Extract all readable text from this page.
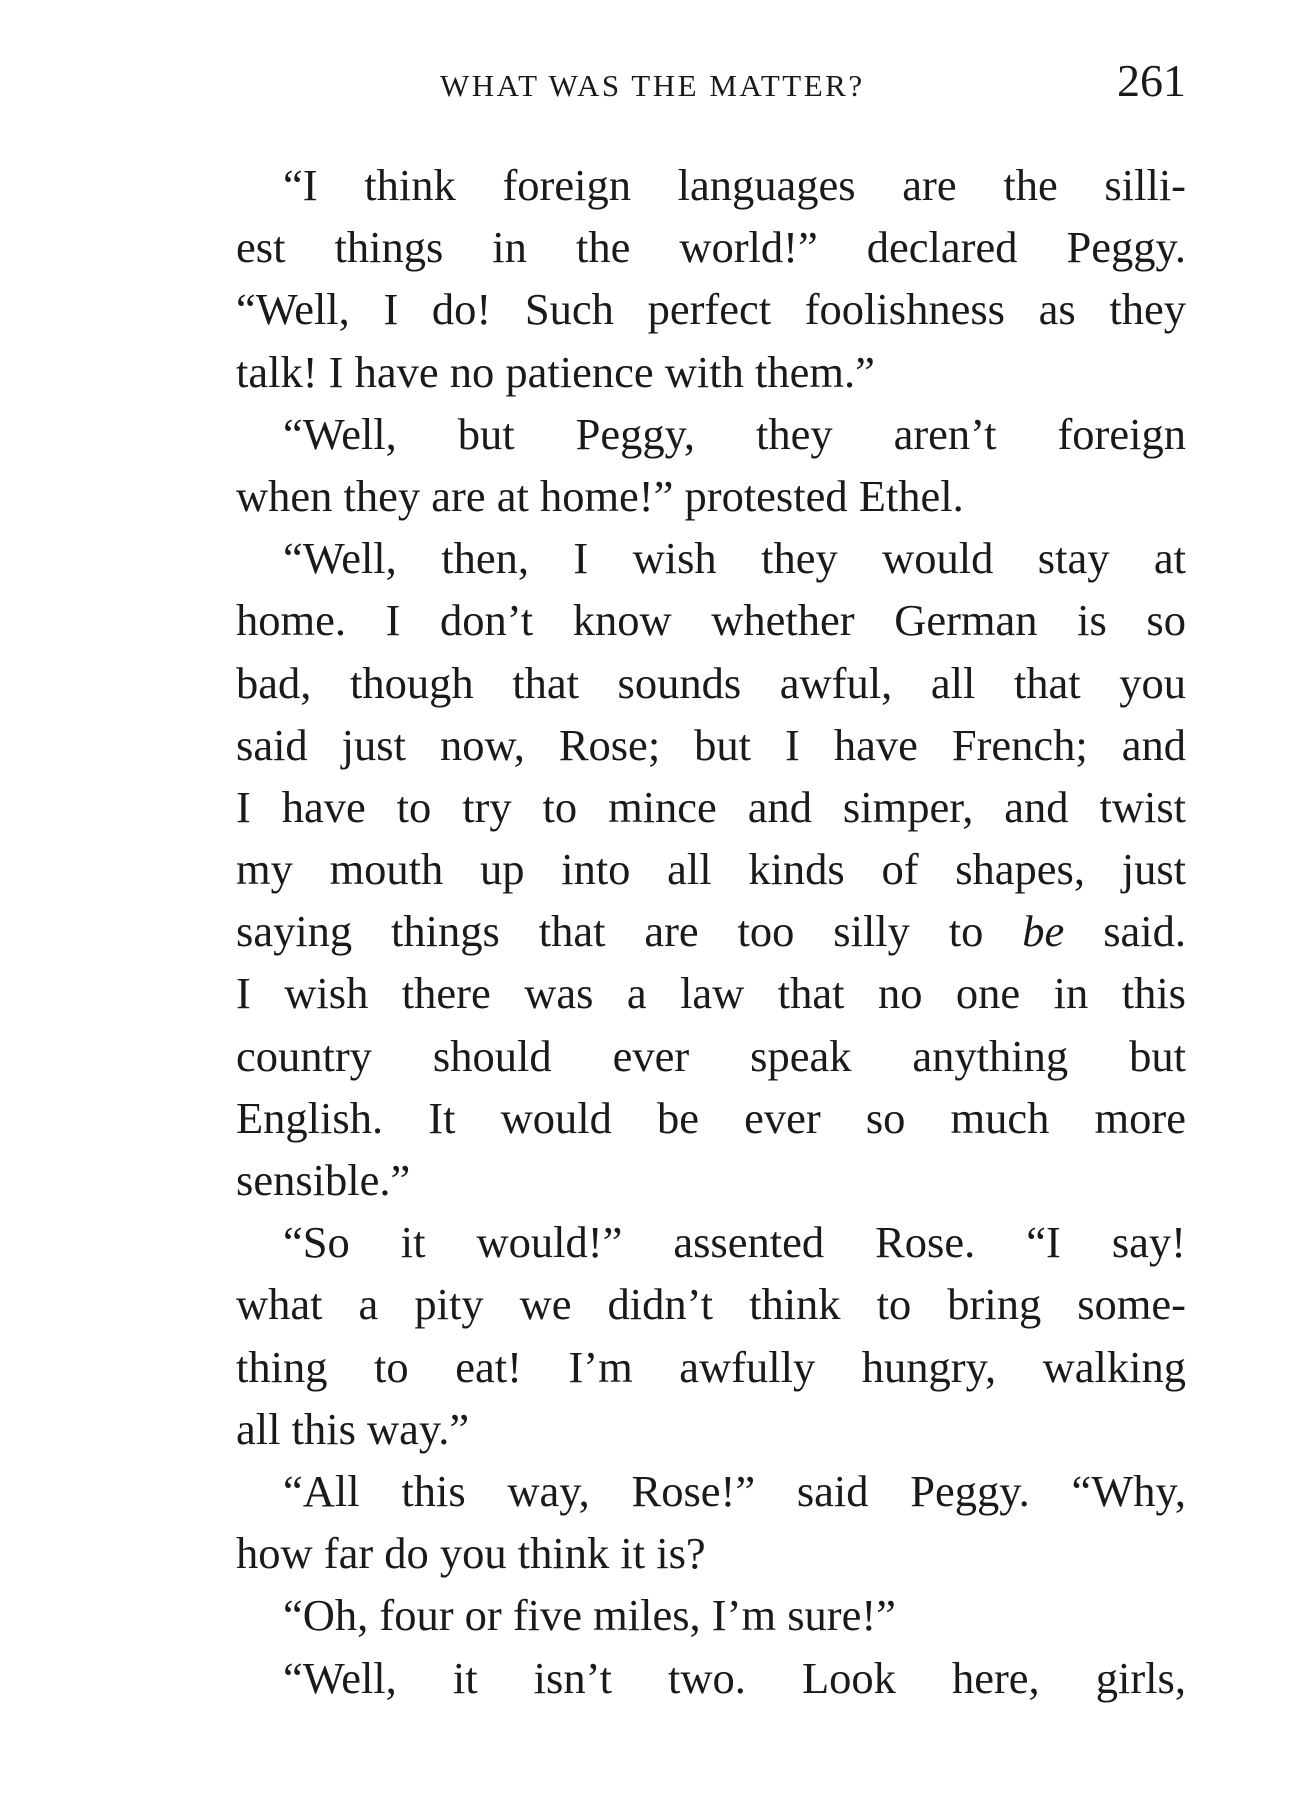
WHAT WAS THE MATTER?	261
“I think foreign languages are the silli-
est things in the world!” declared Peggy.
“Well, I do! Such perfect foolishness as they
talk! I have no patience with them.”
“Well, but Peggy, they aren’t foreign
when they are at home!” protested Ethel.
“Well, then, I wish they would stay at
home. I don’t know whether German is so
bad, though that sounds awful, all that you
said just now, Rose; but I have French; and
I have to try to mince and simper, and twist
my mouth up into all kinds of shapes, just
saying things that are too silly to be said.
I wish there was a law that no one in this
country should ever speak anything but
English. It would be ever so much more
sensible.”
“So it would!” assented Rose. “I say!
what a pity we didn’t think to bring some-
thing to eat! I’m awfully hungry, walking
all this way.”
“All this way, Rose!” said Peggy. “Why,
how far do you think it is?
“Oh, four or five miles, I’m sure!”
“Well, it isn’t two. Look here, girls,
